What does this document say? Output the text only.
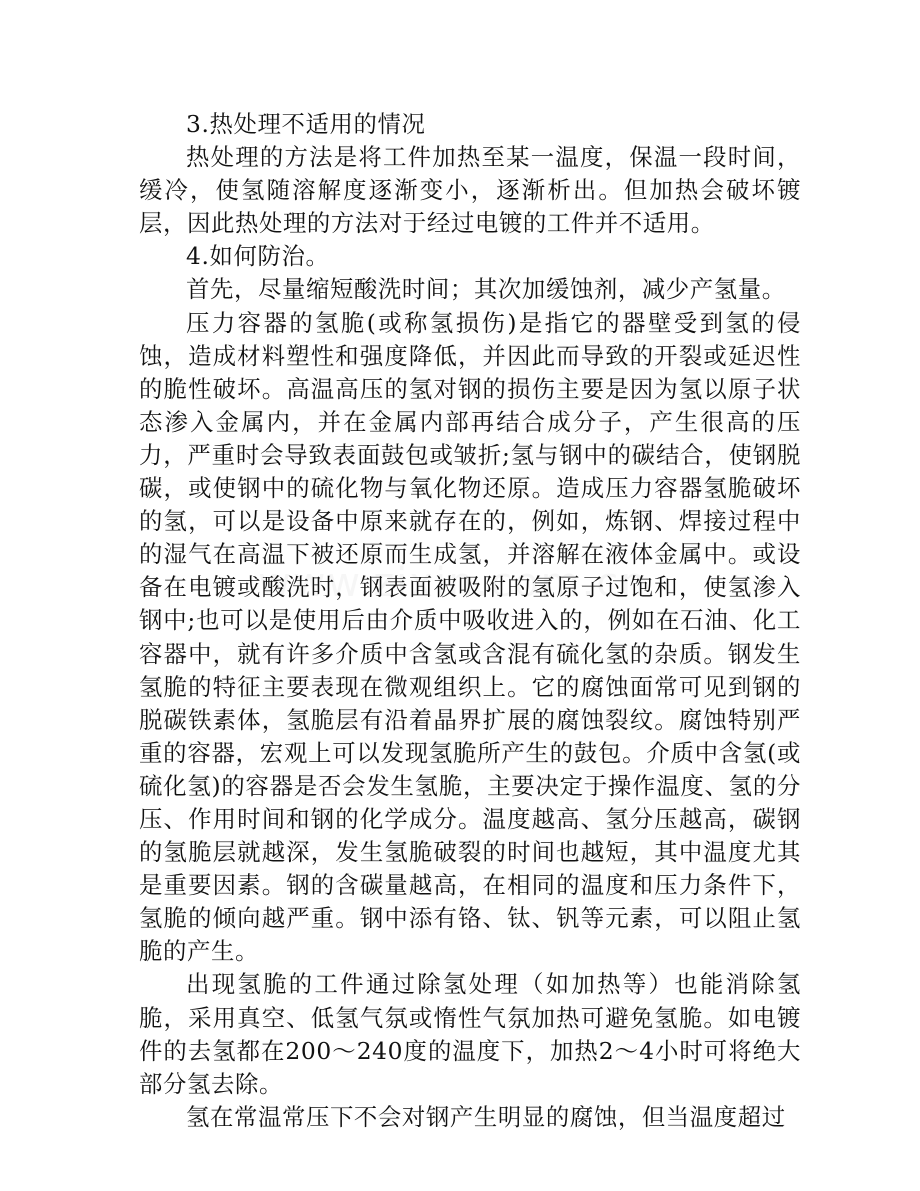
3.热处理不适用的情况

热处理的方法是将工件加热至某一温度，保温一段时间，缓冷，使氢随溶解度逐渐变小，逐渐析出。但加热会破坏镀层，因此热处理的方法对于经过电镀的工件并不适用。

4.如何防治。

首先，尽量缩短酸洗时间；其次加缓蚀剂，减少产氢量。

压力容器的氢脆(或称氢损伤)是指它的器壁受到氢的侵蚀，造成材料塑性和强度降低，并因此而导致的开裂或延迟性的脆性破坏。高温高压的氢对钢的损伤主要是因为氢以原子状态渗入金属内，并在金属内部再结合成分子，产生很高的压力，严重时会导致表面鼓包或皱折;氢与钢中的碳结合，使钢脱碳，或使钢中的硫化物与氧化物还原。造成压力容器氢脆破坏的氢，可以是设备中原来就存在的，例如，炼钢、焊接过程中的湿气在高温下被还原而生成氢，并溶解在液体金属中。或设备在电镀或酸洗时，钢表面被吸附的氢原子过饱和，使氢渗入钢中;也可以是使用后由介质中吸收进入的，例如在石油、化工容器中，就有许多介质中含氢或含混有硫化氢的杂质。钢发生氢脆的特征主要表现在微观组织上。它的腐蚀面常可见到钢的脱碳铁素体，氢脆层有沿着晶界扩展的腐蚀裂纹。腐蚀特别严重的容器，宏观上可以发现氢脆所产生的鼓包。介质中含氢(或硫化氢)的容器是否会发生氢脆，主要决定于操作温度、氢的分压、作用时间和钢的化学成分。温度越高、氢分压越高，碳钢的氢脆层就越深，发生氢脆破裂的时间也越短，其中温度尤其是重要因素。钢的含碳量越高，在相同的温度和压力条件下，氢脆的倾向越严重。钢中添有铬、钛、钒等元素，可以阻止氢脆的产生。

出现氢脆的工件通过除氢处理（如加热等）也能消除氢脆，采用真空、低氢气氛或惰性气氛加热可避免氢脆。如电镀件的去氢都在200～240度的温度下，加热2～4小时可将绝大部分氢去除。

氢在常温常压下不会对钢产生明显的腐蚀，但当温度超过
